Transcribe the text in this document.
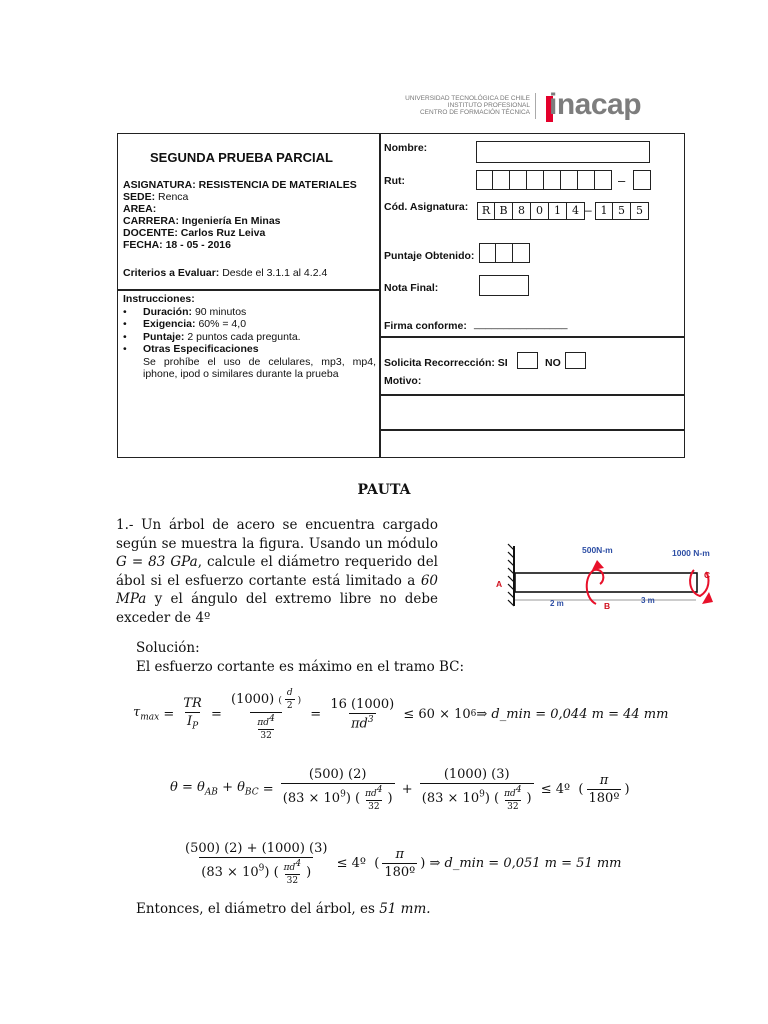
UNIVERSIDAD TECNOLÓGICA DE CHILE
INSTITUTO PROFESIONAL
CENTRO DE FORMACIÓN TÉCNICA inacap
SEGUNDA PRUEBA PARCIAL
ASIGNATURA: RESISTENCIA DE MATERIALES
SEDE: Renca
AREA:
CARRERA: Ingeniería En Minas
DOCENTE: Carlos Ruz Leiva
FECHA: 18 - 05 - 2016
Criterios a Evaluar: Desde el 3.1.1 al 4.2.4
Instrucciones:
• Duración: 90 minutos
• Exigencia: 60% = 4,0
• Puntaje: 2 puntos cada pregunta.
• Otras Especificaciones
Se prohíbe el uso de celulares, mp3, mp4, iphone, ipod o similares durante la prueba
Nombre:
Rut:	–
Cód. Asignatura:	R B 8	0	1	4 – 1 5	5
Puntaje Obtenido:
Nota Final:
Firma conforme: ________________
Solicita Recorrección: SI	NO
Motivo:
PAUTA
1.- Un árbol de acero se encuentra cargado según se muestra la figura. Usando un módulo G = 83 GPa, calcule el diámetro requerido del ábol si el esfuerzo cortante está limitado a 60 MPa y el ángulo del extremo libre no debe exceder de 4º
500N-m	1000 N-m
A
B
C
2 m	3 m
Solución:
El esfuerzo cortante es máximo en el tramo BC:
$\tau_{max} = \frac{TR}{I_P} = \frac{(1000) ( \frac{d}{2} )}{\frac{\pi d^4}{32}} = \frac{16 (1000)}{\pi d^3} \le 60 \times 10$ 6 ⇒ d_min = 0,044 m = 44 mm
$\theta = \theta_{AB} + \theta_{BC} = \frac{(500) (2)}{(83 \times 10^9) ( \frac{\pi d^4}{32} )} + \frac{(1000) (3)}{(83 \times 10^9) ( \frac{\pi d^4}{32} )}$ ≤ 4º  ( $\frac{\pi}{\text{180º}}$ )
$\frac{(500) (2) + (1000) (3)}{(83 \times 10^9) ( \frac{\pi d^4}{32} )}$ ≤ 4º  ( $\frac{\pi}{\text{180º}}$ ) ⇒ d_min = 0,051 m = 51 mm
Entonces, el diámetro del árbol, es 51 mm.
